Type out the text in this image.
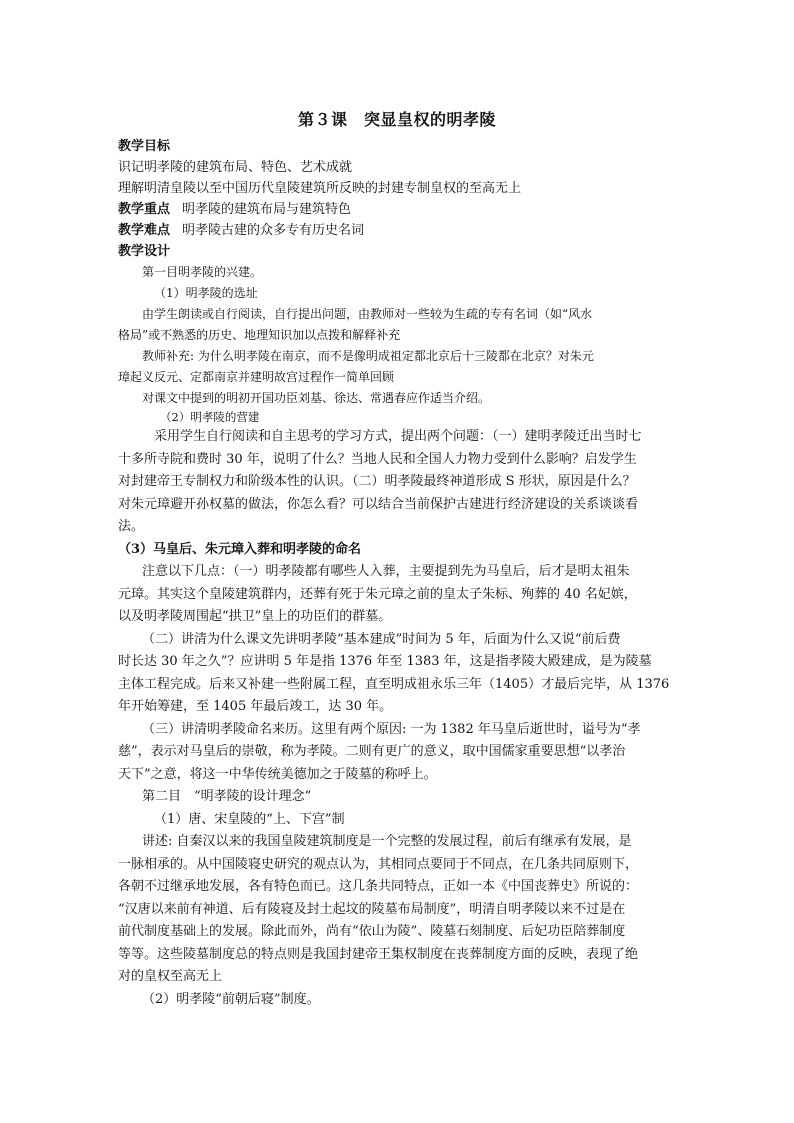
第３课　突显皇权的明孝陵
教学目标
识记明孝陵的建筑布局、特色、艺术成就
理解明清皇陵以至中国历代皇陵建筑所反映的封建专制皇权的至高无上
教学重点 明孝陵的建筑布局与建筑特色
教学难点 明孝陵古建的众多专有历史名词
教学设计
第一目明孝陵的兴建。
（1）明孝陵的选址
由学生朗读或自行阅读，自行提出问题，由教师对一些较为生疏的专有名词（如“风水
格局”或不熟悉的历史、地理知识加以点拨和解释补充
教师补充: 为什么明孝陵在南京，而不是像明成祖定都北京后十三陵都在北京？对朱元
璋起义反元、定都南京并建明故宫过程作一简单回顾
对课文中提到的明初开国功臣刘基、徐达、常遇春应作适当介绍。
（2）明孝陵的营建
采用学生自行阅读和自主思考的学习方式，提出两个问题：（一）建明孝陵迁出当时七
十多所寺院和费时 30 年，说明了什么？当地人民和全国人力物力受到什么影响？启发学生
对封建帝王专制权力和阶级本性的认识。（二）明孝陵最终神道形成 S 形状，原因是什么？
对朱元璋避开孙权墓的做法，你怎么看？可以结合当前保护古建进行经济建设的关系谈谈看
法。
（3）马皇后、朱元璋入葬和明孝陵的命名
注意以下几点：（一）明孝陵都有哪些人入葬，主要提到先为马皇后，后才是明太祖朱
元璋。其实这个皇陵建筑群内，还葬有死于朱元璋之前的皇太子朱标、殉葬的 40 名妃嫔，
以及明孝陵周围起“拱卫”皇上的功臣们的群墓。
（二）讲清为什么课文先讲明孝陵“基本建成”时间为 5 年，后面为什么又说“前后费
时长达 30 年之久”？应讲明 5 年是指 1376 年至 1383 年，这是指孝陵大殿建成，是为陵墓
主体工程完成。后来又补建一些附属工程，直至明成祖永乐三年（1405）才最后完毕，从 1376
年开始筹建，至 1405 年最后竣工，达 30 年。
（三）讲清明孝陵命名来历。这里有两个原因: 一为 1382 年马皇后逝世时，谥号为“孝
慈”，表示对马皇后的崇敬，称为孝陵。二则有更广的意义，取中国儒家重要思想“以孝治
天下”之意，将这一中华传统美德加之于陵墓的称呼上。
第二目　“明孝陵的设计理念”
（1）唐、宋皇陵的“上、下宫”制
讲述: 自秦汉以来的我国皇陵建筑制度是一个完整的发展过程，前后有继承有发展，是
一脉相承的。从中国陵寝史研究的观点认为，其相同点要同于不同点，在几条共同原则下，
各朝不过继承地发展，各有特色而已。这几条共同特点，正如一本《中国丧葬史》所说的：
“汉唐以来前有神道、后有陵寝及封土起坟的陵墓布局制度”，明清自明孝陵以来不过是在
前代制度基础上的发展。除此而外，尚有“依山为陵”、陵墓石刻制度、后妃功臣陪葬制度
等等。这些陵墓制度总的特点则是我国封建帝王集权制度在丧葬制度方面的反映，表现了绝
对的皇权至高无上
（2）明孝陵“前朝后寝”制度。
